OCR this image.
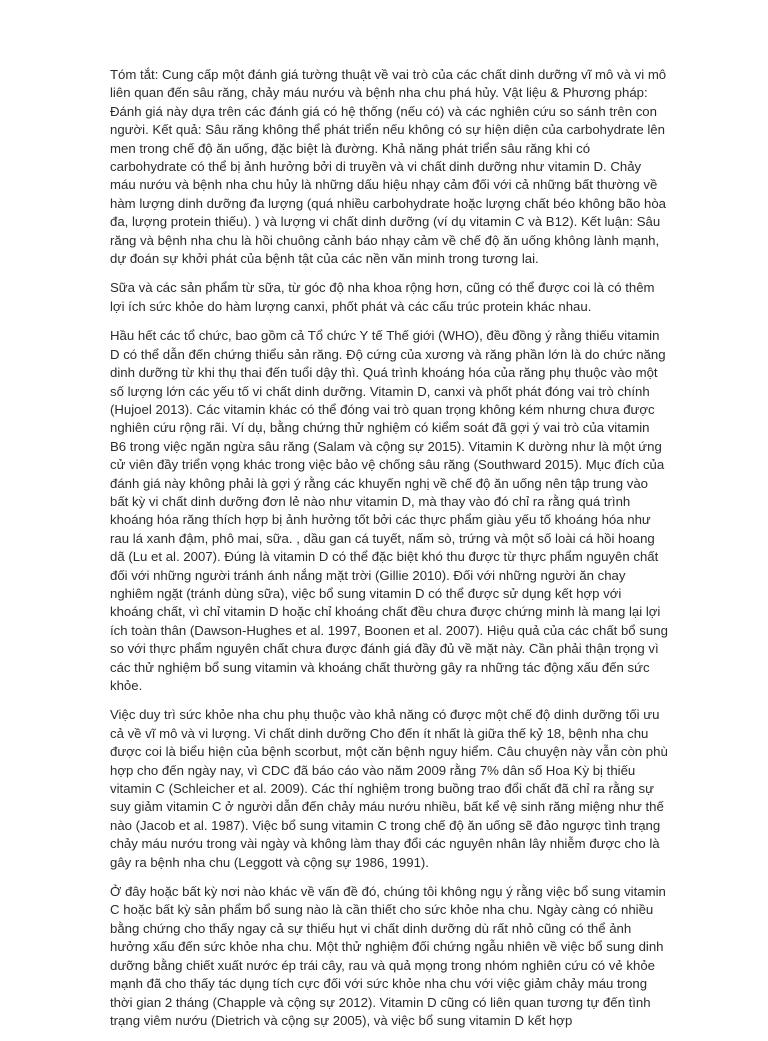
Tóm tắt: Cung cấp một đánh giá tường thuật về vai trò của các chất dinh dưỡng vĩ mô và vi mô liên quan đến sâu răng, chảy máu nướu và bệnh nha chu phá hủy. Vật liệu & Phương pháp: Đánh giá này dựa trên các đánh giá có hệ thống (nếu có) và các nghiên cứu so sánh trên con người. Kết quả: Sâu răng không thể phát triển nếu không có sự hiện diện của carbohydrate lên men trong chế độ ăn uống, đặc biệt là đường. Khả năng phát triển sâu răng khi có carbohydrate có thể bị ảnh hưởng bởi di truyền và vi chất dinh dưỡng như vitamin D. Chảy máu nướu và bệnh nha chu hủy là những dấu hiệu nhạy cảm đối với cả những bất thường về hàm lượng dinh dưỡng đa lượng (quá nhiều carbohydrate hoặc lượng chất béo không bão hòa đa, lượng protein thiếu). ) và lượng vi chất dinh dưỡng (ví dụ vitamin C và B12). Kết luận: Sâu răng và bệnh nha chu là hồi chuông cảnh báo nhạy cảm về chế độ ăn uống không lành mạnh, dự đoán sự khởi phát của bệnh tật của các nền văn minh trong tương lai.

Sữa và các sản phẩm từ sữa, từ góc độ nha khoa rộng hơn, cũng có thể được coi là có thêm lợi ích sức khỏe do hàm lượng canxi, phốt phát và các cấu trúc protein khác nhau.

Hầu hết các tổ chức, bao gồm cả Tổ chức Y tế Thế giới (WHO), đều đồng ý rằng thiếu vitamin D có thể dẫn đến chứng thiểu sản răng. Độ cứng của xương và răng phần lớn là do chức năng dinh dưỡng từ khi thụ thai đến tuổi dậy thì. Quá trình khoáng hóa của răng phụ thuộc vào một số lượng lớn các yếu tố vi chất dinh dưỡng. Vitamin D, canxi và phốt phát đóng vai trò chính (Hujoel 2013). Các vitamin khác có thể đóng vai trò quan trọng không kém nhưng chưa được nghiên cứu rộng rãi. Ví dụ, bằng chứng thử nghiệm có kiểm soát đã gợi ý vai trò của vitamin B6 trong việc ngăn ngừa sâu răng (Salam và cộng sự 2015). Vitamin K dường như là một ứng cử viên đầy triển vọng khác trong việc bảo vệ chống sâu răng (Southward 2015). Mục đích của đánh giá này không phải là gợi ý rằng các khuyến nghị về chế độ ăn uống nên tập trung vào bất kỳ vi chất dinh dưỡng đơn lẻ nào như vitamin D, mà thay vào đó chỉ ra rằng quá trình khoáng hóa răng thích hợp bị ảnh hưởng tốt bởi các thực phẩm giàu yếu tố khoáng hóa như rau lá xanh đậm, phô mai, sữa. , dầu gan cá tuyết, nấm sò, trứng và một số loài cá hồi hoang dã (Lu et al. 2007). Đúng là vitamin D có thể đặc biệt khó thu được từ thực phẩm nguyên chất đối với những người tránh ánh nắng mặt trời (Gillie 2010). Đối với những người ăn chay nghiêm ngặt (tránh dùng sữa), việc bổ sung vitamin D có thể được sử dụng kết hợp với khoáng chất, vì chỉ vitamin D hoặc chỉ khoáng chất đều chưa được chứng minh là mang lại lợi ích toàn thân (Dawson-Hughes et al. 1997, Boonen et al. 2007). Hiệu quả của các chất bổ sung so với thực phẩm nguyên chất chưa được đánh giá đầy đủ về mặt này. Cần phải thận trọng vì các thử nghiệm bổ sung vitamin và khoáng chất thường gây ra những tác động xấu đến sức khỏe.

Việc duy trì sức khỏe nha chu phụ thuộc vào khả năng có được một chế độ dinh dưỡng tối ưu cả về vĩ mô và vi lượng. Vi chất dinh dưỡng Cho đến ít nhất là giữa thế kỷ 18, bệnh nha chu được coi là biểu hiện của bệnh scorbut, một căn bệnh nguy hiểm. Câu chuyện này vẫn còn phù hợp cho đến ngày nay, vì CDC đã báo cáo vào năm 2009 rằng 7% dân số Hoa Kỳ bị thiếu vitamin C (Schleicher et al. 2009). Các thí nghiệm trong buồng trao đổi chất đã chỉ ra rằng sự suy giảm vitamin C ở người dẫn đến chảy máu nướu nhiều, bất kể vệ sinh răng miệng như thế nào (Jacob et al. 1987). Việc bổ sung vitamin C trong chế độ ăn uống sẽ đảo ngược tình trạng chảy máu nướu trong vài ngày và không làm thay đổi các nguyên nhân lây nhiễm được cho là gây ra bệnh nha chu (Leggott và cộng sự 1986, 1991).

Ở đây hoặc bất kỳ nơi nào khác về vấn đề đó, chúng tôi không ngụ ý rằng việc bổ sung vitamin C hoặc bất kỳ sản phẩm bổ sung nào là cần thiết cho sức khỏe nha chu. Ngày càng có nhiều bằng chứng cho thấy ngay cả sự thiếu hụt vi chất dinh dưỡng dù rất nhỏ cũng có thể ảnh hưởng xấu đến sức khỏe nha chu. Một thử nghiệm đối chứng ngẫu nhiên về việc bổ sung dinh dưỡng bằng chiết xuất nước ép trái cây, rau và quả mọng trong nhóm nghiên cứu có vẻ khỏe mạnh đã cho thấy tác dụng tích cực đối với sức khỏe nha chu với việc giảm chảy máu trong thời gian 2 tháng (Chapple và cộng sự 2012). Vitamin D cũng có liên quan tương tự đến tình trạng viêm nướu (Dietrich và cộng sự 2005), và việc bổ sung vitamin D kết hợp
